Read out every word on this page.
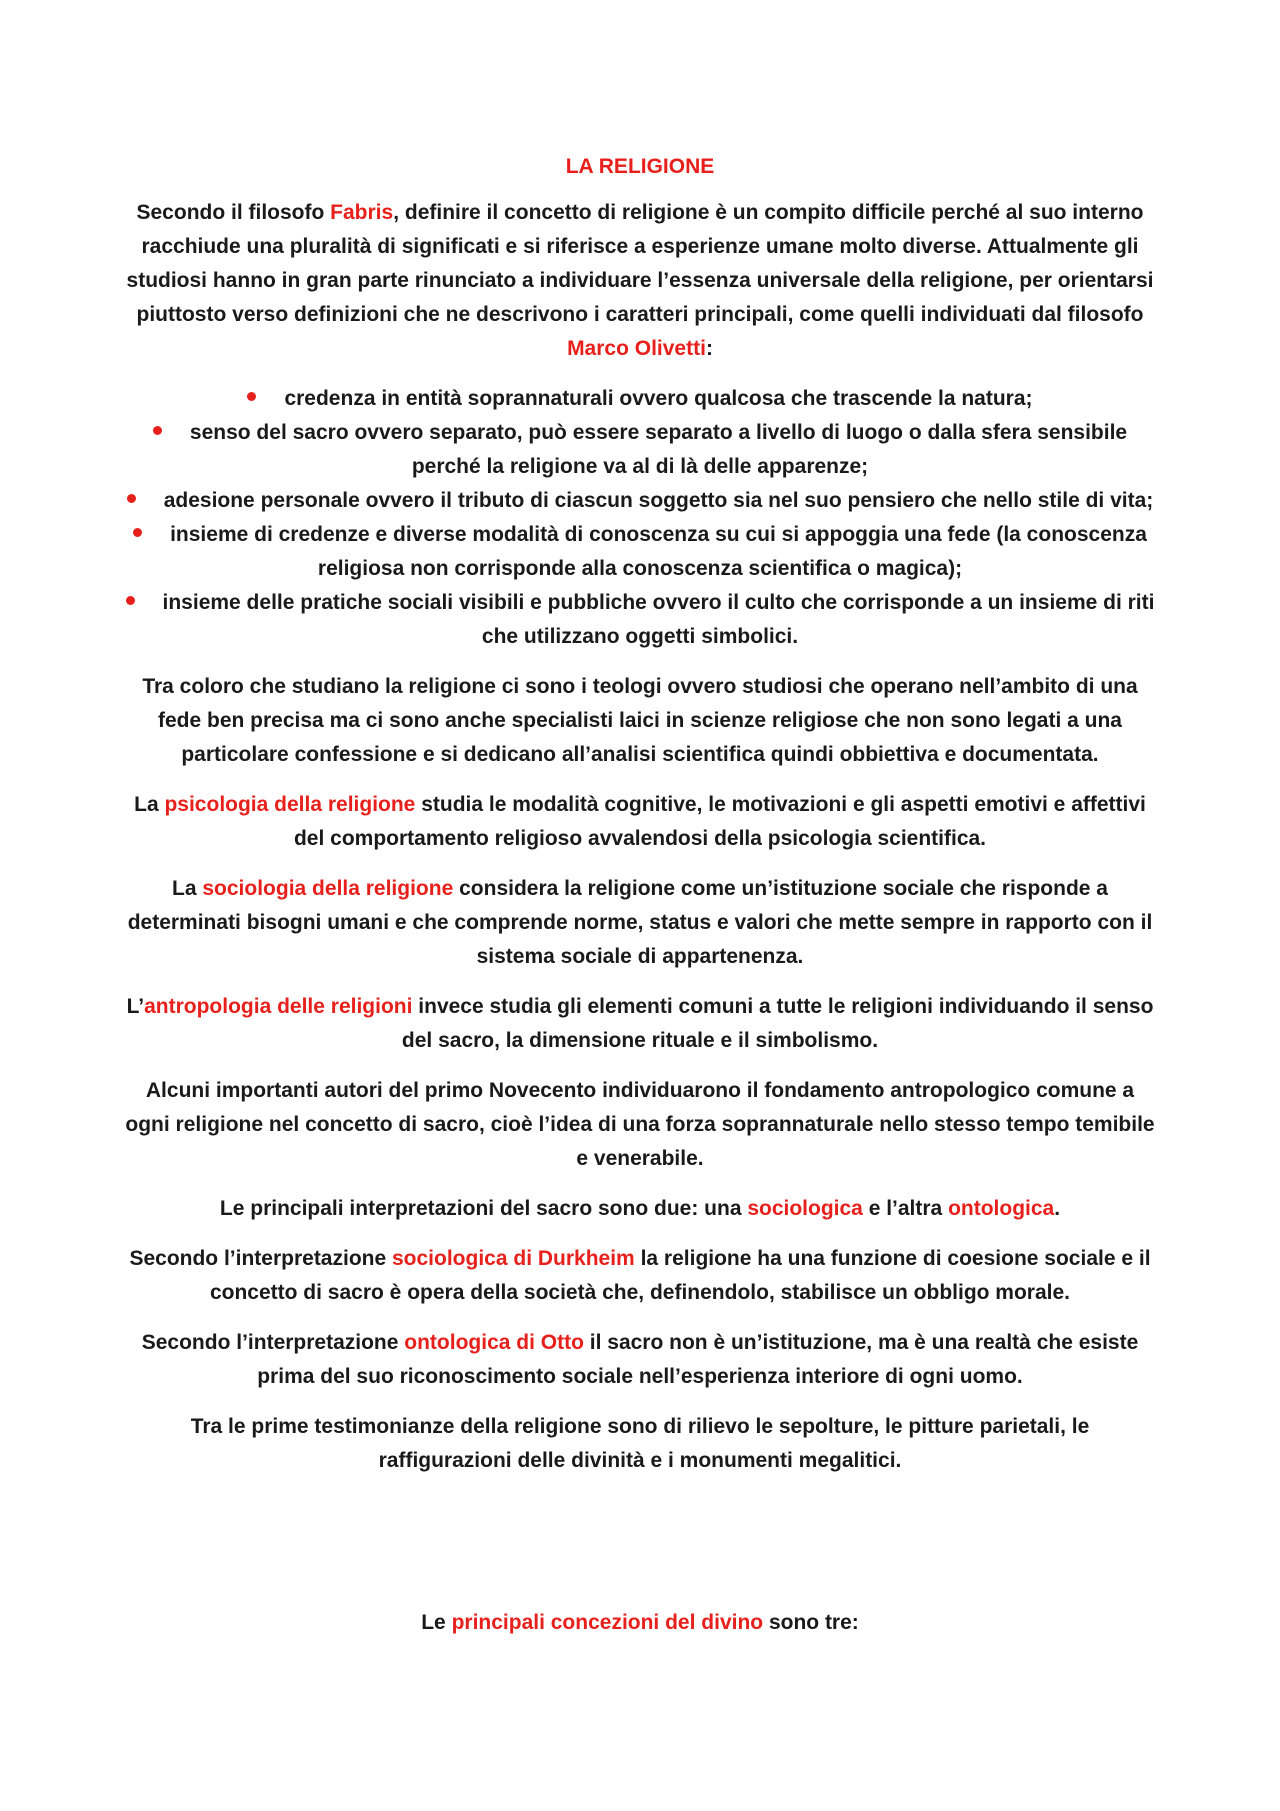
LA RELIGIONE

Secondo il filosofo Fabris, definire il concetto di religione è un compito difficile perché al suo interno racchiude una pluralità di significati e si riferisce a esperienze umane molto diverse. Attualmente gli studiosi hanno in gran parte rinunciato a individuare l’essenza universale della religione, per orientarsi piuttosto verso definizioni che ne descrivono i caratteri principali, come quelli individuati dal filosofo Marco Olivetti:

credenza in entità soprannaturali ovvero qualcosa che trascende la natura;
senso del sacro ovvero separato, può essere separato a livello di luogo o dalla sfera sensibile perché la religione va al di là delle apparenze;
adesione personale ovvero il tributo di ciascun soggetto sia nel suo pensiero che nello stile di vita;
insieme di credenze e diverse modalità di conoscenza su cui si appoggia una fede (la conoscenza religiosa non corrisponde alla conoscenza scientifica o magica);
insieme delle pratiche sociali visibili e pubbliche ovvero il culto che corrisponde a un insieme di riti che utilizzano oggetti simbolici.

Tra coloro che studiano la religione ci sono i teologi ovvero studiosi che operano nell’ambito di una fede ben precisa ma ci sono anche specialisti laici in scienze religiose che non sono legati a una particolare confessione e si dedicano all’analisi scientifica quindi obbiettiva e documentata.

La psicologia della religione studia le modalità cognitive, le motivazioni e gli aspetti emotivi e affettivi del comportamento religioso avvalendosi della psicologia scientifica.

La sociologia della religione considera la religione come un’istituzione sociale che risponde a determinati bisogni umani e che comprende norme, status e valori che mette sempre in rapporto con il sistema sociale di appartenenza.

L’antropologia delle religioni invece studia gli elementi comuni a tutte le religioni individuando il senso del sacro, la dimensione rituale e il simbolismo.

Alcuni importanti autori del primo Novecento individuarono il fondamento antropologico comune a ogni religione nel concetto di sacro, cioè l’idea di una forza soprannaturale nello stesso tempo temibile e venerabile.

Le principali interpretazioni del sacro sono due: una sociologica e l’altra ontologica.

Secondo l’interpretazione sociologica di Durkheim la religione ha una funzione di coesione sociale e il concetto di sacro è opera della società che, definendolo, stabilisce un obbligo morale.

Secondo l’interpretazione ontologica di Otto il sacro non è un’istituzione, ma è una realtà che esiste prima del suo riconoscimento sociale nell’esperienza interiore di ogni uomo.

Tra le prime testimonianze della religione sono di rilievo le sepolture, le pitture parietali, le raffigurazioni delle divinità e i monumenti megalitici.

Le principali concezioni del divino sono tre:
